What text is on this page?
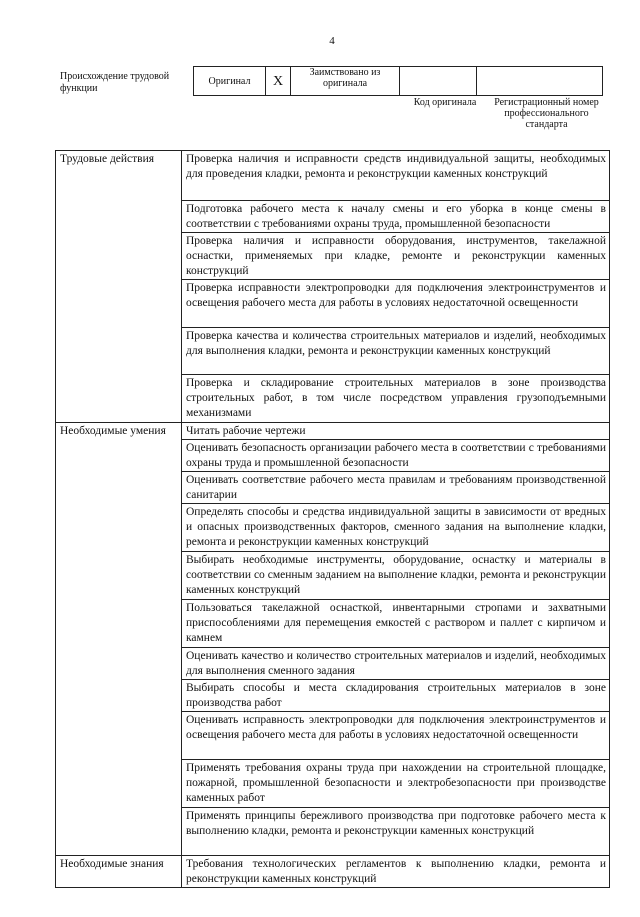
4
Происхождение трудовой функции
Оригинал	X	Заимствовано из оригинала		
Код оригинала	Регистрационный номер профессионального стандарта
Трудовые действия	Проверка наличия и исправности средств индивидуальной защиты, необходимых для проведения кладки, ремонта и реконструкции каменных конструкций
	Подготовка рабочего места к началу смены и его уборка в конце смены в соответствии с требованиями охраны труда, промышленной безопасности
	Проверка наличия и исправности оборудования, инструментов, такелажной оснастки, применяемых при кладке, ремонте и реконструкции каменных конструкций
	Проверка исправности электропроводки для подключения электроинструментов и освещения рабочего места для работы в условиях недостаточной освещенности
	Проверка качества и количества строительных материалов и изделий, необходимых для выполнения кладки, ремонта и реконструкции каменных конструкций
	Проверка и складирование строительных материалов в зоне производства строительных работ, в том числе посредством управления грузоподъемными механизмами
Необходимые умения	Читать рабочие чертежи
	Оценивать безопасность организации рабочего места в соответствии с требованиями охраны труда и промышленной безопасности
	Оценивать соответствие рабочего места правилам и требованиям производственной санитарии
	Определять способы и средства индивидуальной защиты в зависимости от вредных и опасных производственных факторов, сменного задания на выполнение кладки, ремонта и реконструкции каменных конструкций
	Выбирать необходимые инструменты, оборудование, оснастку и материалы в соответствии со сменным заданием на выполнение кладки, ремонта и реконструкции каменных конструкций
	Пользоваться такелажной оснасткой, инвентарными стропами и захватными приспособлениями для перемещения емкостей с раствором и паллет с кирпичом и камнем
	Оценивать качество и количество строительных материалов и изделий, необходимых для выполнения сменного задания
	Выбирать способы и места складирования строительных материалов в зоне производства работ
	Оценивать исправность электропроводки для подключения электроинструментов и освещения рабочего места для работы в условиях недостаточной освещенности
	Применять требования охраны труда при нахождении на строительной площадке, пожарной, промышленной безопасности и электробезопасности при производстве каменных работ
	Применять принципы бережливого производства при подготовке рабочего места к выполнению кладки, ремонта и реконструкции каменных конструкций
Необходимые знания	Требования технологических регламентов к выполнению кладки, ремонта и реконструкции каменных конструкций
